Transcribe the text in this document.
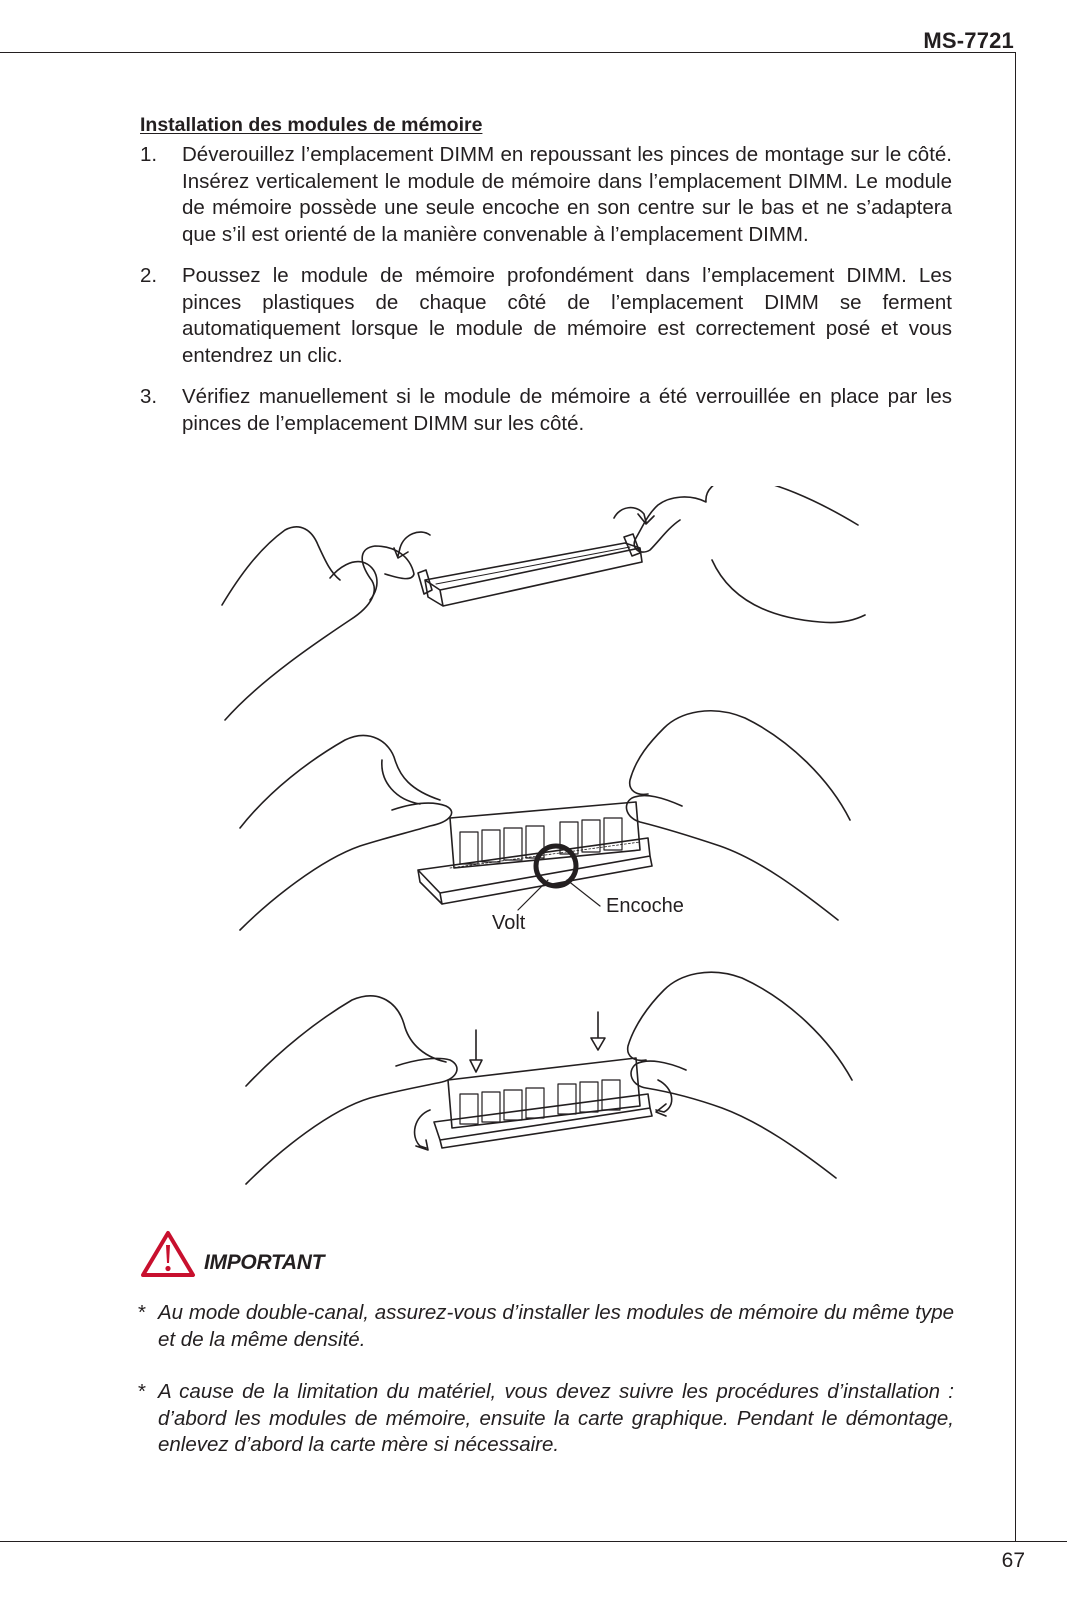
MS-7721
Installation des modules de mémoire
1.	Déverouillez l’emplacement DIMM en repoussant les pinces de montage sur le côté. Insérez verticalement le module de mémoire dans l’emplacement DIMM. Le module de mémoire possède une seule encoche en son centre sur le bas et ne s’adaptera que s’il est orienté de la manière convenable à l’emplacement DIMM.
2.	Poussez le module de mémoire profondément dans l’emplacement DIMM. Les pinces plastiques de chaque côté de l’emplacement DIMM se ferment automatiquement lorsque le module de mémoire est correctement posé et vous entendrez un clic.
3.	Vérifiez manuellement si le module de mémoire a été verrouillée en place par les pinces de l’emplacement DIMM sur les côté.
Encoche
Volt
IMPORTANT
* Au mode double-canal, assurez-vous d’installer les modules de mémoire du même type et de la même densité.
* A cause de la limitation du matériel, vous devez suivre les procédures d’installation : d’abord les modules de mémoire, ensuite la carte graphique. Pendant le démontage, enlevez d’abord la carte mère si nécessaire.
67
